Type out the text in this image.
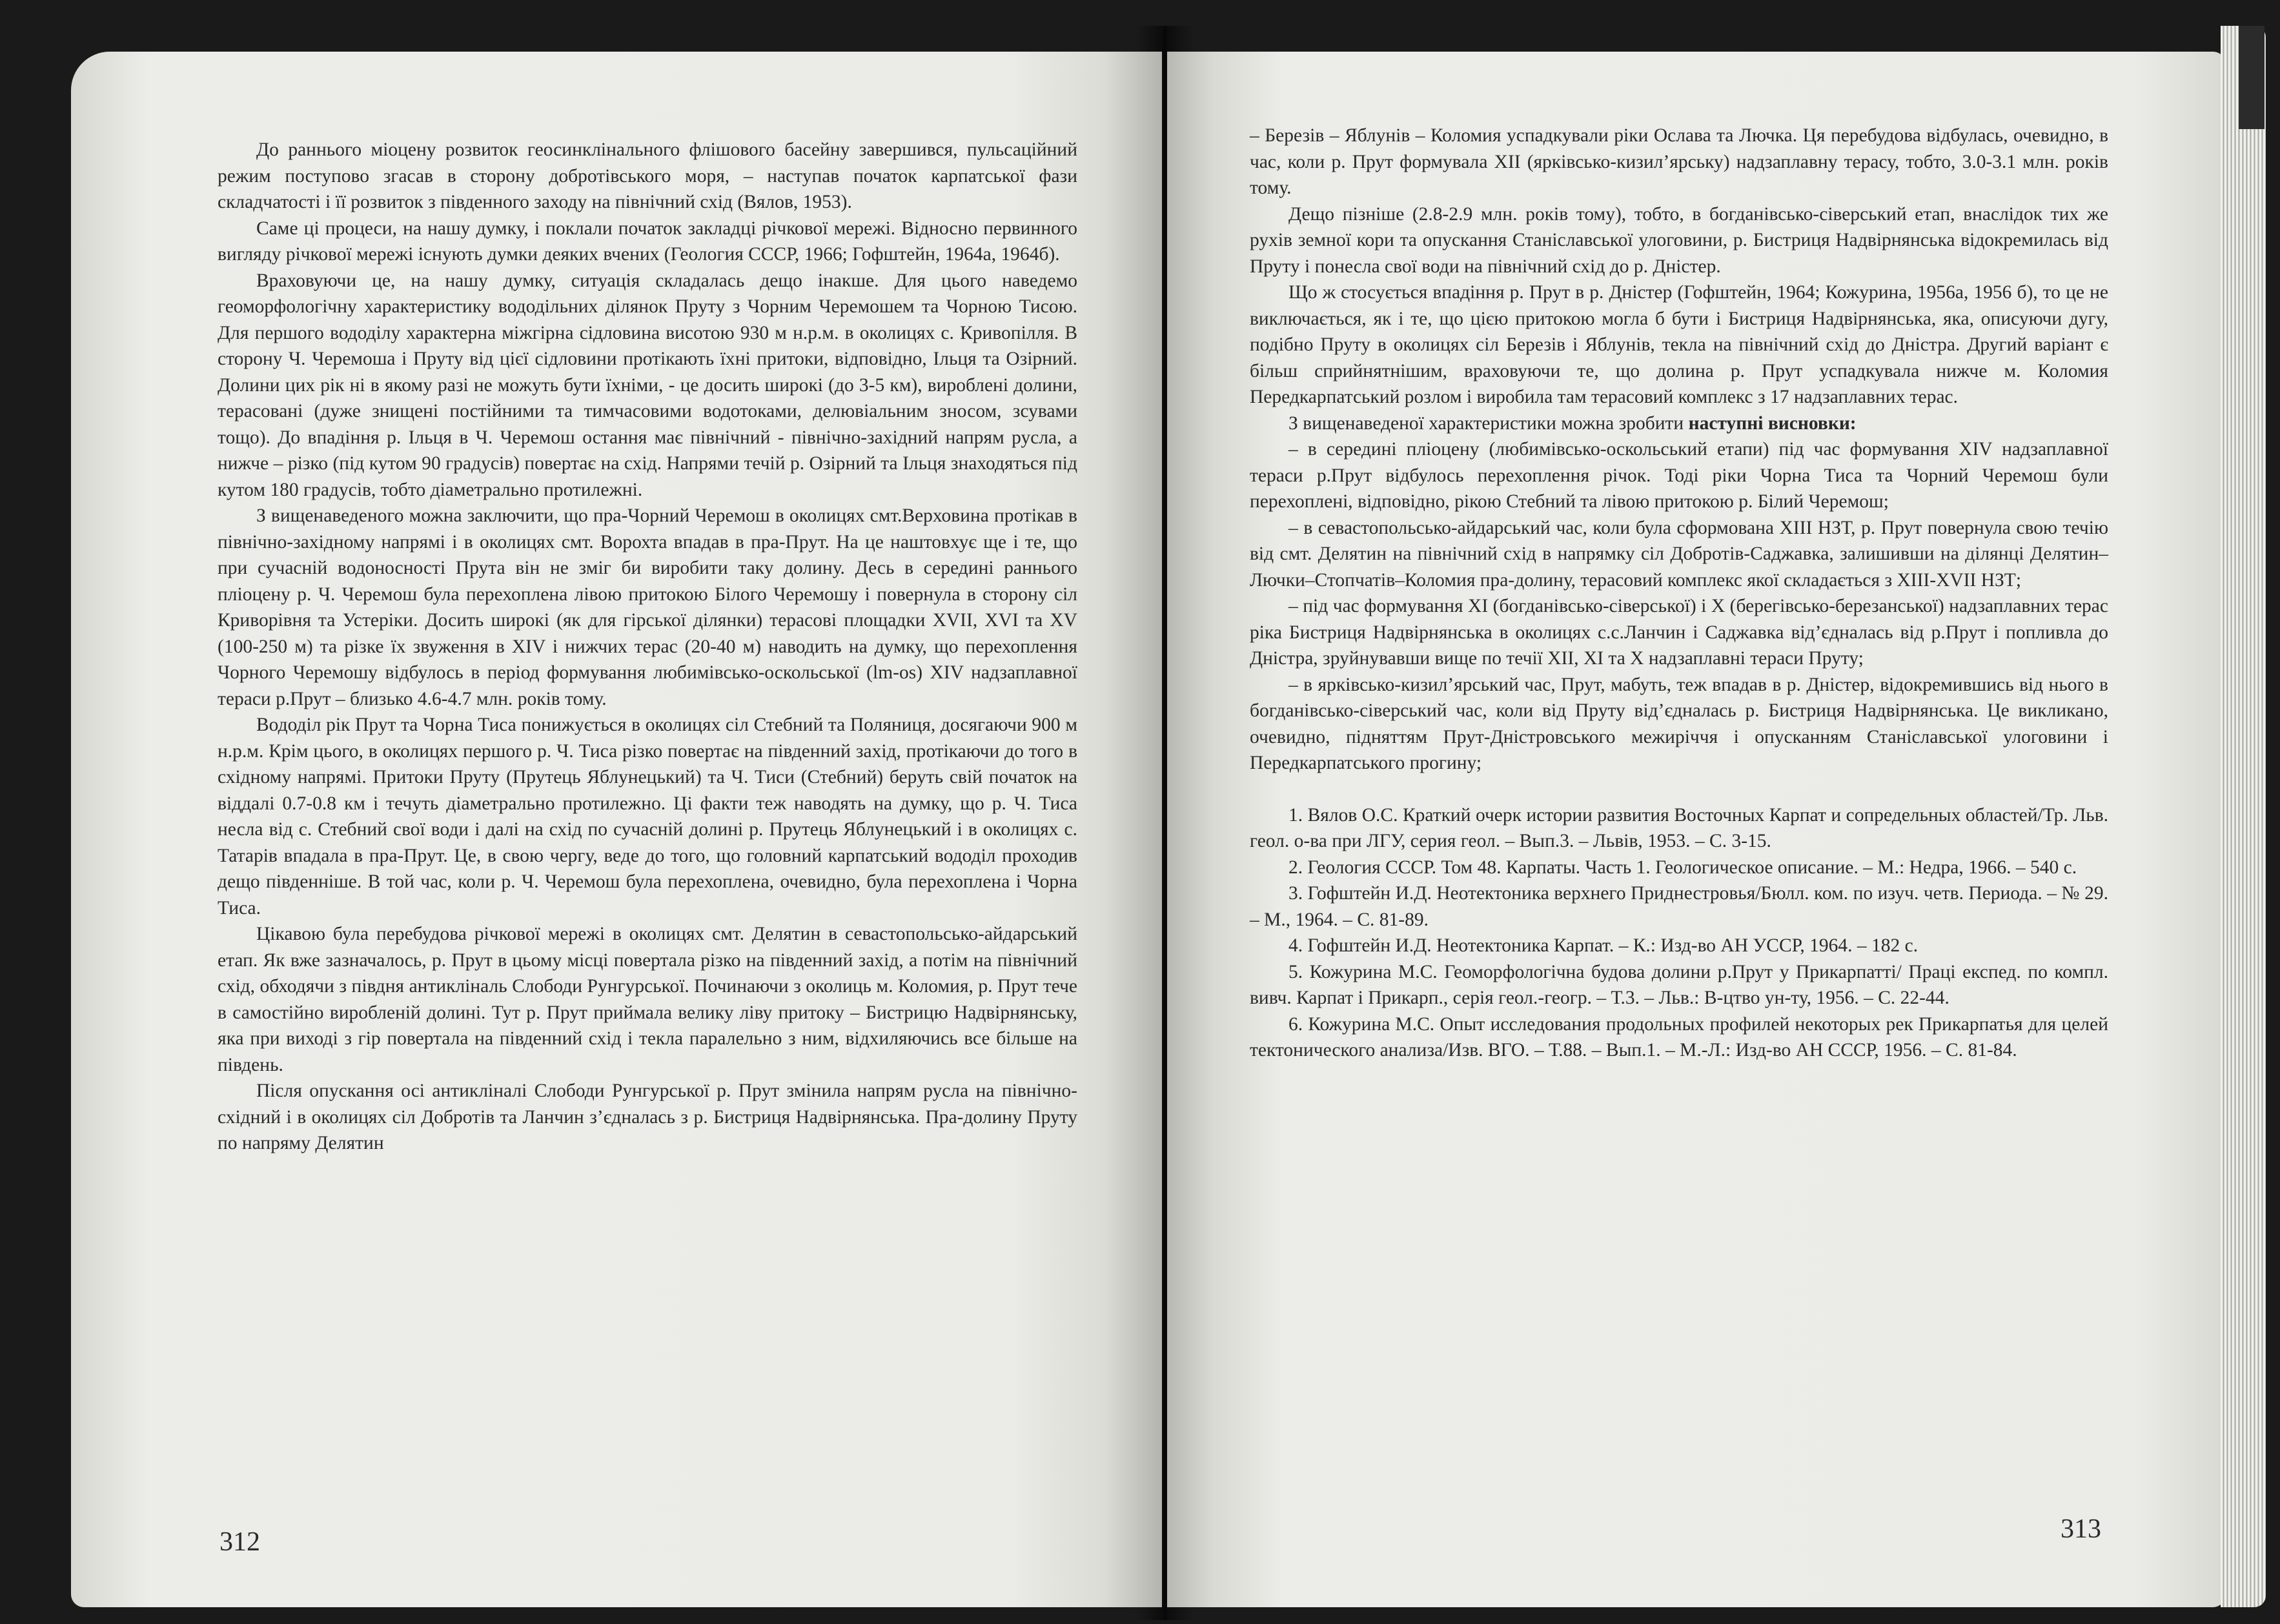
До раннього міоцену розвиток геосинклінального флішового басейну завершився, пульсаційний режим поступово згасав в сторону добротівського моря, – наступав початок карпатської фази складчатості і її розвиток з південного заходу на північний схід (Вялов, 1953).

Саме ці процеси, на нашу думку, і поклали початок закладці річкової мережі. Відносно первинного вигляду річкової мережі існують думки деяких вчених (Геология СССР, 1966; Гофштейн, 1964а, 1964б).

Враховуючи це, на нашу думку, ситуація складалась дещо інакше. Для цього наведемо геоморфологічну характеристику вододільних ділянок Пруту з Чорним Черемошем та Чорною Тисою. Для першого вододілу характерна міжгірна сідловина висотою 930 м н.р.м. в околицях с. Кривопілля. В сторону Ч. Черемоша і Пруту від цієї сідловини протікають їхні притоки, відповідно, Ільця та Озірний. Долини цих рік ні в якому разі не можуть бути їхніми, - це досить широкі (до 3-5 км), вироблені долини, терасовані (дуже знищені постійними та тимчасовими водотоками, делювіальним зносом, зсувами тощо). До впадіння р. Ільця в Ч. Черемош остання має північний - північно-західний напрям русла, а нижче – різко (під кутом 90 градусів) повертає на схід. Напрями течій р. Озірний та Ільця знаходяться під кутом 180 градусів, тобто діаметрально протилежні.

З вищенаведеного можна заключити, що пра-Чорний Черемош в околицях смт.Верховина протікав в північно-західному напрямі і в околицях смт. Ворохта впадав в пра-Прут. На це наштовхує ще і те, що при сучасній водоносності Прута він не зміг би виробити таку долину. Десь в середині раннього пліоцену р. Ч. Черемош була перехоплена лівою притокою Білого Черемошу і повернула в сторону сіл Криворівня та Устеріки. Досить широкі (як для гірської ділянки) терасові площадки XVII, XVI та XV (100-250 м) та різке їх звуження в XIV і нижчих терас (20-40 м) наводить на думку, що перехоплення Чорного Черемошу відбулось в період формування любимівсько-оскольської (lm-os) XIV надзаплавної тераси р.Прут – близько 4.6-4.7 млн. років тому.

Вододіл рік Прут та Чорна Тиса понижується в околицях сіл Стебний та Поляниця, досягаючи 900 м н.р.м. Крім цього, в околицях першого р. Ч. Тиса різко повертає на південний захід, протікаючи до того в східному напрямі. Притоки Пруту (Прутець Яблунецький) та Ч. Тиси (Стебний) беруть свій початок на віддалі 0.7-0.8 км і течуть діаметрально протилежно. Ці факти теж наводять на думку, що р. Ч. Тиса несла від с. Стебний свої води і далі на схід по сучасній долині р. Прутець Яблунецький і в околицях с. Татарів впадала в пра-Прут. Це, в свою чергу, веде до того, що головний карпатський вододіл проходив дещо південніше. В той час, коли р. Ч. Черемош була перехоплена, очевидно, була перехоплена і Чорна Тиса.

Цікавою була перебудова річкової мережі в околицях смт. Делятин в севастопольсько-айдарський етап. Як вже зазначалось, р. Прут в цьому місці повертала різко на південний захід, а потім на північний схід, обходячи з півдня антикліналь Слободи Рунгурської. Починаючи з околиць м. Коломия, р. Прут тече в самостійно виробленій долині. Тут р. Прут приймала велику ліву притоку – Бистрицю Надвірнянську, яка при виході з гір повертала на південний схід і текла паралельно з ним, відхиляючись все більше на південь.

Після опускання осі антикліналі Слободи Рунгурської р. Прут змінила напрям русла на північно-східний і в околицях сіл Добротів та Ланчин з’єдналась з р. Бистриця Надвірнянська. Пра-долину Пруту по напряму Делятин

312

– Березів – Яблунів – Коломия успадкували ріки Ослава та Лючка. Ця перебудова відбулась, очевидно, в час, коли р. Прут формувала XII (яркiвсько-кизил’ярську) надзаплавну терасу, тобто, 3.0-3.1 млн. років тому.

Дещо пізніше (2.8-2.9 млн. років тому), тобто, в богданівсько-сіверський етап, внаслідок тих же рухів земної кори та опускання Станіславської улоговини, р. Бистриця Надвірнянська відокремилась від Пруту і понесла свої води на північний схід до р. Дністер.

Що ж стосується впадіння р. Прут в р. Дністер (Гофштейн, 1964; Кожурина, 1956а, 1956 б), то це не виключається, як і те, що цією притокою могла б бути і Бистриця Надвірнянська, яка, описуючи дугу, подібно Пруту в околицях сіл Березів і Яблунів, текла на північний схід до Дністра. Другий варіант є більш сприйнятнішим, враховуючи те, що долина р. Прут успадкувала нижче м. Коломия Передкарпатський розлом і виробила там терасовий комплекс з 17 надзаплавних терас.

З вищенаведеної характеристики можна зробити наступні висновки:

– в середині пліоцену (любимівсько-оскольський етапи) під час формування XIV надзаплавної тераси р.Прут відбулось перехоплення річок. Тоді ріки Чорна Тиса та Чорний Черемош були перехоплені, відповідно, рікою Стебний та лівою притокою р. Білий Черемош;

– в севастопольсько-айдарський час, коли була сформована XIII НЗТ, р. Прут повернула свою течію від смт. Делятин на північний схід в напрямку сіл Добротів-Саджавка, залишивши на ділянці Делятин–Лючки–Стопчатів–Коломия пра-долину, терасовий комплекс якої складається з XIII-XVII НЗТ;

– під час формування XI (богданівсько-сіверської) і X (берегівсько-березанської) надзаплавних терас ріка Бистриця Надвірнянська в околицях с.с.Ланчин і Саджавка від’єдналась від р.Прут і попливла до Дністра, зруйнувавши вище по течії XII, XI та X надзаплавні тераси Пруту;

– в яркiвсько-кизил’ярський час, Прут, мабуть, теж впадав в р. Дністер, відокремившись від нього в богданівсько-сіверський час, коли від Пруту від’єдналась р. Бистриця Надвірнянська. Це викликано, очевидно, підняттям Прут-Дністровського межиріччя і опусканням Станіславської улоговини і Передкарпатського прогину;

1. Вялов О.С. Краткий очерк истории развития Восточных Карпат и сопредельных областей/Тр. Льв. геол. о-ва при ЛГУ, серия геол. – Вып.3. – Львів, 1953. – С. 3-15.

2. Геология СССР. Том 48. Карпаты. Часть 1. Геологическое описание. – М.: Недра, 1966. – 540 с.

3. Гофштейн И.Д. Неотектоника верхнего Приднестровья/Бюлл. ком. по изуч. четв. Периода. – № 29. – М., 1964. – С. 81-89.

4. Гофштейн И.Д. Неотектоника Карпат. – К.: Изд-во АН УССР, 1964. – 182 с.

5. Кожурина М.С. Геоморфологічна будова долини р.Прут у Прикарпатті/ Праці експед. по компл. вивч. Карпат і Прикарп., серія геол.-геогр. – Т.3. – Льв.: В-цтво ун-ту, 1956. – С. 22-44.

6. Кожурина М.С. Опыт исследования продольных профилей некоторых рек Прикарпатья для целей тектонического анализа/Изв. ВГО. – Т.88. – Вып.1. – М.-Л.: Изд-во АН СССР, 1956. – С. 81-84.

313
